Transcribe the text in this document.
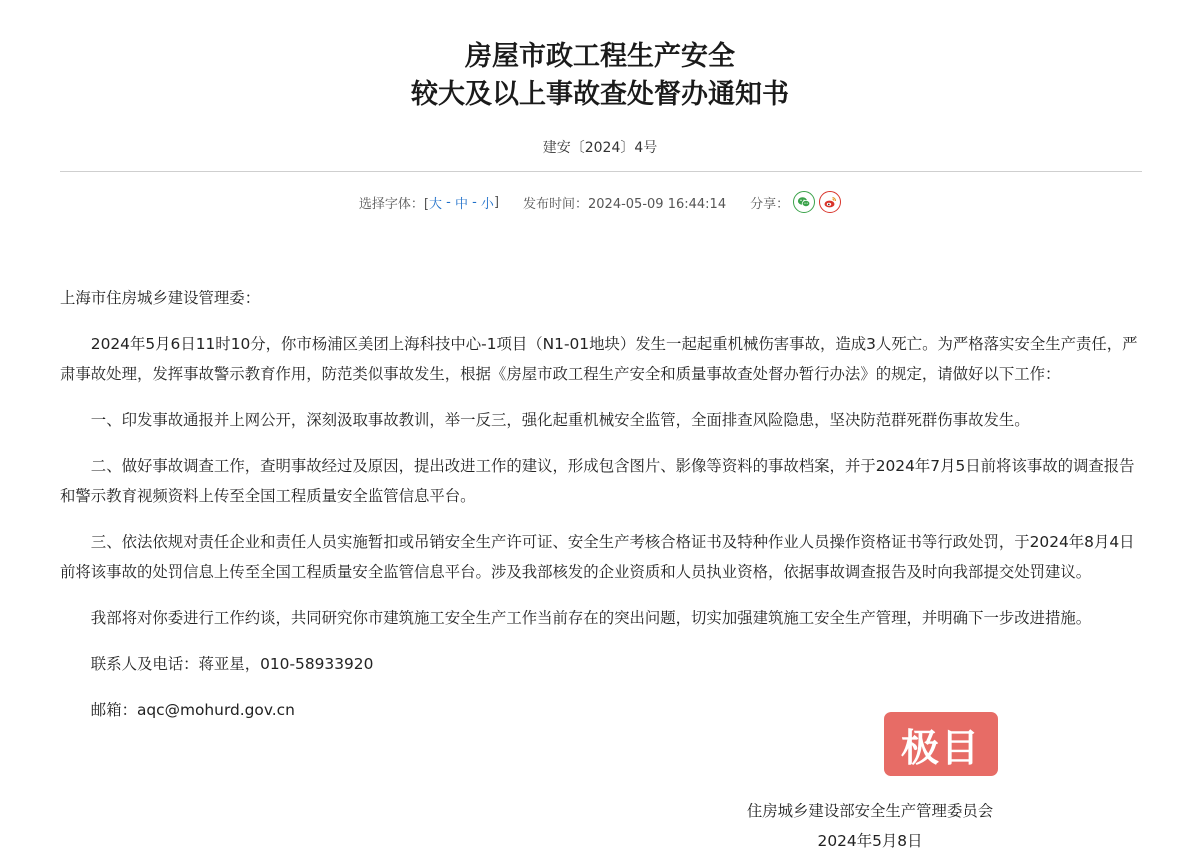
房屋市政工程生产安全
较大及以上事故查处督办通知书
建安〔2024〕4号
选择字体：[ 大 - 中 - 小 ] 发布时间：2024-05-09 16:44:14 分享：

上海市住房城乡建设管理委：

2024年5月6日11时10分，你市杨浦区美团上海科技中心-1项目（N1-01地块）发生一起起重机械伤害事故，造成3人死亡。为严格落实安全生产责任，严肃事故处理，发挥事故警示教育作用，防范类似事故发生，根据《房屋市政工程生产安全和质量事故查处督办暂行办法》的规定，请做好以下工作：

一、印发事故通报并上网公开，深刻汲取事故教训，举一反三，强化起重机械安全监管，全面排查风险隐患，坚决防范群死群伤事故发生。

二、做好事故调查工作，查明事故经过及原因，提出改进工作的建议，形成包含图片、影像等资料的事故档案，并于2024年7月5日前将该事故的调查报告和警示教育视频资料上传至全国工程质量安全监管信息平台。

三、依法依规对责任企业和责任人员实施暂扣或吊销安全生产许可证、安全生产考核合格证书及特种作业人员操作资格证书等行政处罚，于2024年8月4日前将该事故的处罚信息上传至全国工程质量安全监管信息平台。涉及我部核发的企业资质和人员执业资格，依据事故调查报告及时向我部提交处罚建议。

我部将对你委进行工作约谈，共同研究你市建筑施工安全生产工作当前存在的突出问题，切实加强建筑施工安全生产管理，并明确下一步改进措施。

联系人及电话：蒋亚星，010-58933920

邮箱：aqc@mohurd.gov.cn

极目
住房城乡建设部安全生产管理委员会
2024年5月8日
